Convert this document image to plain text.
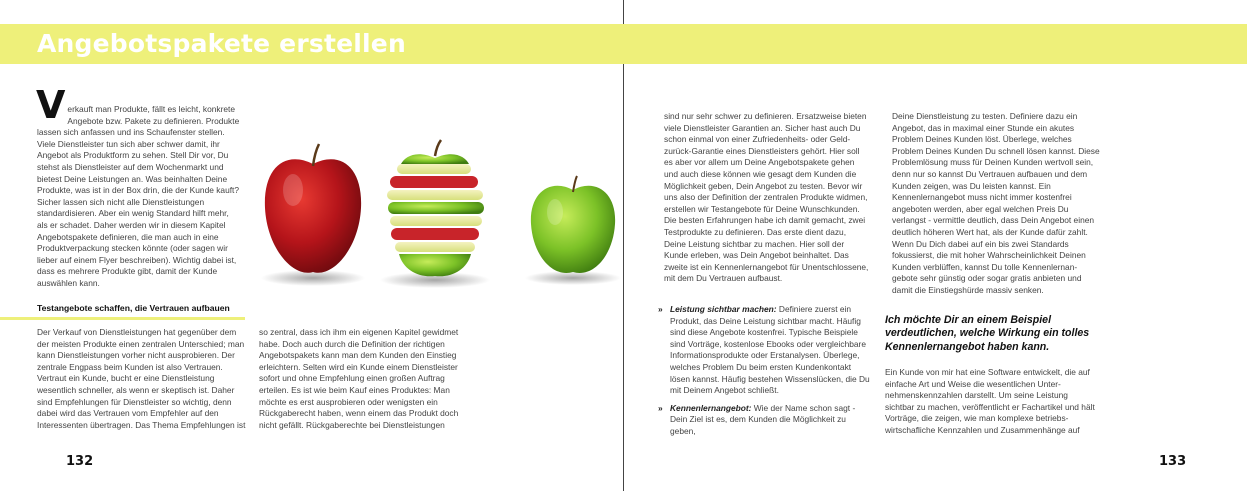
Angebotspakete erstellen
Verkauft man Produkte, fällt es leicht, konkrete Angebote bzw. Pakete zu definieren. Produkte lassen sich anfassen und ins Schaufenster stellen. Viele Dienstleister tun sich aber schwer damit, ihr Angebot als Produktform zu sehen. Stell Dir vor, Du stehst als Dienstleister auf dem Wochenmarkt und bietest Deine Leistungen an. Was beinhalten Deine Produkte, was ist in der Box drin, die der Kunde kauft? Sicher lassen sich nicht alle Dienstleistungen standardisieren. Aber ein wenig Standard hilft mehr, als er schadet. Daher werden wir in diesem Kapitel Angebotspakete definieren, die man auch in eine Produktverpackung stecken könnte (oder sagen wir lieber auf einem Flyer beschreiben). Wichtig dabei ist, dass es mehrere Produkte gibt, damit der Kunde auswählen kann.
Testangebote schaffen, die Vertrauen aufbauen
Der Verkauf von Dienstleistungen hat gegenüber dem der meisten Produkte einen zentralen Unterschied; man kann Dienstleistungen vorher nicht ausprobieren. Der zentrale Engpass beim Kunden ist also Vertrauen. Vertraut ein Kunde, bucht er eine Dienstleistung wesentlich schneller, als wenn er skeptisch ist. Daher sind Empfehlungen für Dienstleister so wichtig, denn dabei wird das Vertrauen vom Empfehler auf den Interessenten übertragen. Das Thema Empfehlungen ist
so zentral, dass ich ihm ein eigenen Kapitel gewidmet habe. Doch auch durch die Definition der richtigen Angebotspakets kann man dem Kunden den Einstieg erleichtern. Selten wird ein Kunde einem Dienstleister sofort und ohne Empfehlung einen großen Auftrag erteilen. Es ist wie beim Kauf eines Produktes: Man möchte es erst ausprobieren oder wenigsten ein Rückgaberecht haben, wenn einem das Produkt doch nicht gefällt. Rückgaberechte bei Dienstleistungen
132
sind nur sehr schwer zu definieren. Ersatzweise bieten viele Dienstleister Garantien an. Sicher hast auch Du schon einmal von einer Zufriedenheits- oder Geld-zurück-Garantie eines Dienstleisters gehört. Hier soll es aber vor allem um Deine Angebotspakete gehen und auch diese können wie gesagt dem Kunden die Möglichkeit geben, Dein Angebot zu testen. Bevor wir uns also der Definition der zentralen Produkte widmen, erstellen wir Testangebote für Deine Wunschkunden. Die besten Erfahrungen habe ich damit gemacht, zwei Testprodukte zu definieren. Das erste dient dazu, Deine Leistung sichtbar zu machen. Hier soll der Kunde erleben, was Dein Angebot beinhaltet. Das zweite ist ein Kennenlernangebot für Unentschlossene, mit dem Du Vertrauen aufbaust.
» Leistung sichtbar machen: Definiere zuerst ein Produkt, das Deine Leistung sichtbar macht. Häufig sind diese Angebote kostenfrei. Typische Beispiele sind Vorträge, kostenlose Ebooks oder vergleichbare Informationsprodukte oder Erstanalysen. Überlege, welches Problem Du beim ersten Kundenkontakt lösen kannst. Häufig bestehen Wissenslücken, die Du mit Deinem Angebot schließt.
» Kennenlernangebot: Wie der Name schon sagt - Dein Ziel ist es, dem Kunden die Möglichkeit zu geben,
Deine Dienstleistung zu testen. Definiere dazu ein Angebot, das in maximal einer Stunde ein akutes Problem Deines Kunden löst. Überlege, welches Problem Deines Kunden Du schnell lösen kannst. Diese Problemlösung muss für Deinen Kunden wertvoll sein, denn nur so kannst Du Vertrauen aufbauen und dem Kunden zeigen, was Du leisten kannst. Ein Kennenlernangebot muss nicht immer kostenfrei angeboten werden, aber egal welchen Preis Du verlangst - vermittle deutlich, dass Dein Angebot einen deutlich höheren Wert hat, als der Kunde dafür zahlt. Wenn Du Dich dabei auf ein bis zwei Standards fokussierst, die mit hoher Wahrscheinlichkeit Deinen Kunden verblüffen, kannst Du tolle Kennenlernan-gebote sehr günstig oder sogar gratis anbieten und damit die Einstiegshürde massiv senken.

Ich möchte Dir an einem Beispiel verdeutlichen, welche Wirkung ein tolles Kennenlernangebot haben kann.

Ein Kunde von mir hat eine Software entwickelt, die auf einfache Art und Weise die wesentlichen Unter-nehmenskennzahlen darstellt. Um seine Leistung sichtbar zu machen, veröffentlicht er Fachartikel und hält Vorträge, die zeigen, wie man komplexe betriebs-wirtschafliche Kennzahlen und Zusammenhänge auf
133
